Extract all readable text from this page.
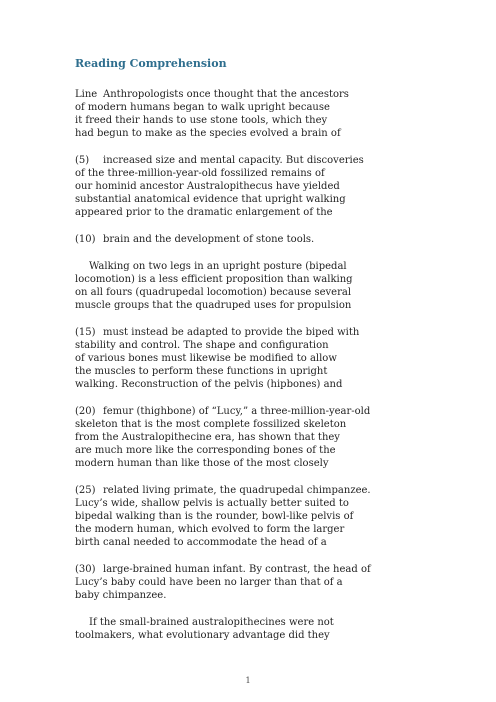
Reading Comprehension
Line Anthropologists once thought that the ancestors
of modern humans began to walk upright because
it freed their hands to use stone tools, which they
had begun to make as the species evolved a brain of
(5) increased size and mental capacity. But discoveries
of the three-million-year-old fossilized remains of
our hominid ancestor Australopithecus have yielded
substantial anatomical evidence that upright walking
appeared prior to the dramatic enlargement of the
(10) brain and the development of stone tools.
Walking on two legs in an upright posture (bipedal
locomotion) is a less efficient proposition than walking
on all fours (quadrupedal locomotion) because several
muscle groups that the quadruped uses for propulsion
(15) must instead be adapted to provide the biped with
stability and control. The shape and configuration
of various bones must likewise be modified to allow
the muscles to perform these functions in upright
walking. Reconstruction of the pelvis (hipbones) and
(20) femur (thighbone) of “Lucy,” a three-million-year-old
skeleton that is the most complete fossilized skeleton
from the Australopithecine era, has shown that they
are much more like the corresponding bones of the
modern human than like those of the most closely
(25) related living primate, the quadrupedal chimpanzee.
Lucy’s wide, shallow pelvis is actually better suited to
bipedal walking than is the rounder, bowl-like pelvis of
the modern human, which evolved to form the larger
birth canal needed to accommodate the head of a
(30) large-brained human infant. By contrast, the head of
Lucy’s baby could have been no larger than that of a
baby chimpanzee.
If the small-brained australopithecines were not
toolmakers, what evolutionary advantage did they
1
